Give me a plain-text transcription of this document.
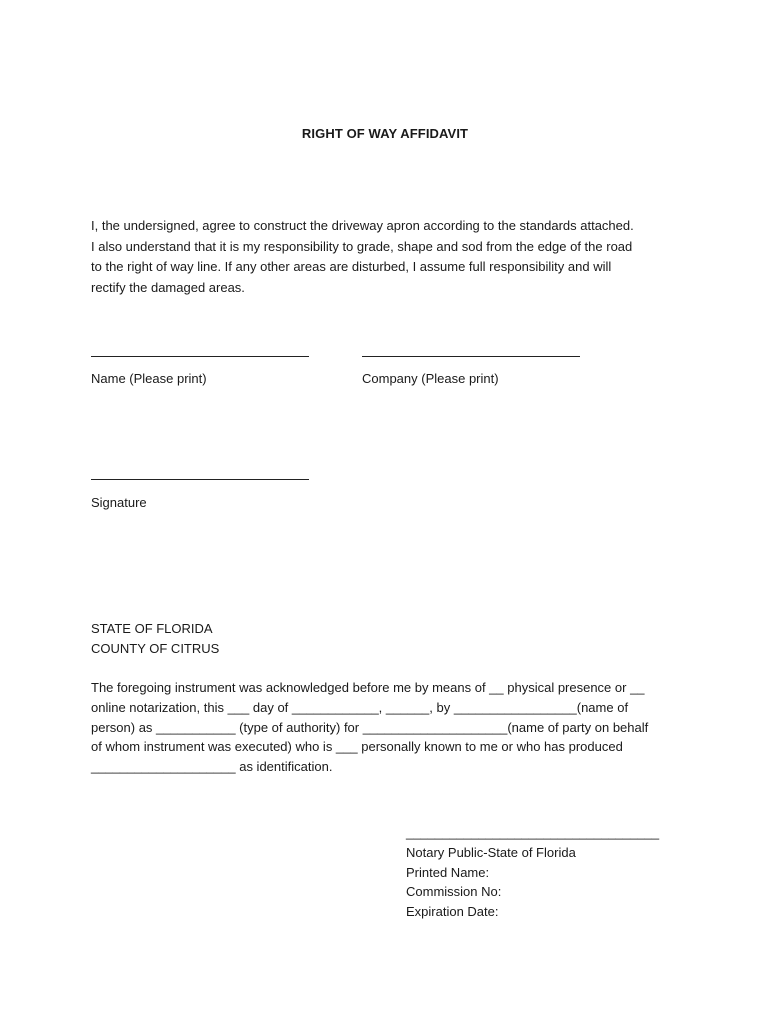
RIGHT OF WAY AFFIDAVIT

I, the undersigned, agree to construct the driveway apron according to the standards attached.
I also understand that it is my responsibility to grade, shape and sod from the edge of the road
to the right of way line. If any other areas are disturbed, I assume full responsibility and will
rectify the damaged areas.

Name (Please print)	Company (Please print)
Signature
STATE OF FLORIDA
COUNTY OF CITRUS

The foregoing instrument was acknowledged before me by means of __ physical presence or __
online notarization, this ___ day of ____________, ______, by _________________(name of
person) as ___________ (type of authority) for ____________________(name of party on behalf
of whom instrument was executed) who is ___ personally known to me or who has produced
____________________ as identification.

___________________________________
Notary Public-State of Florida
Printed Name:
Commission No:
Expiration Date:
